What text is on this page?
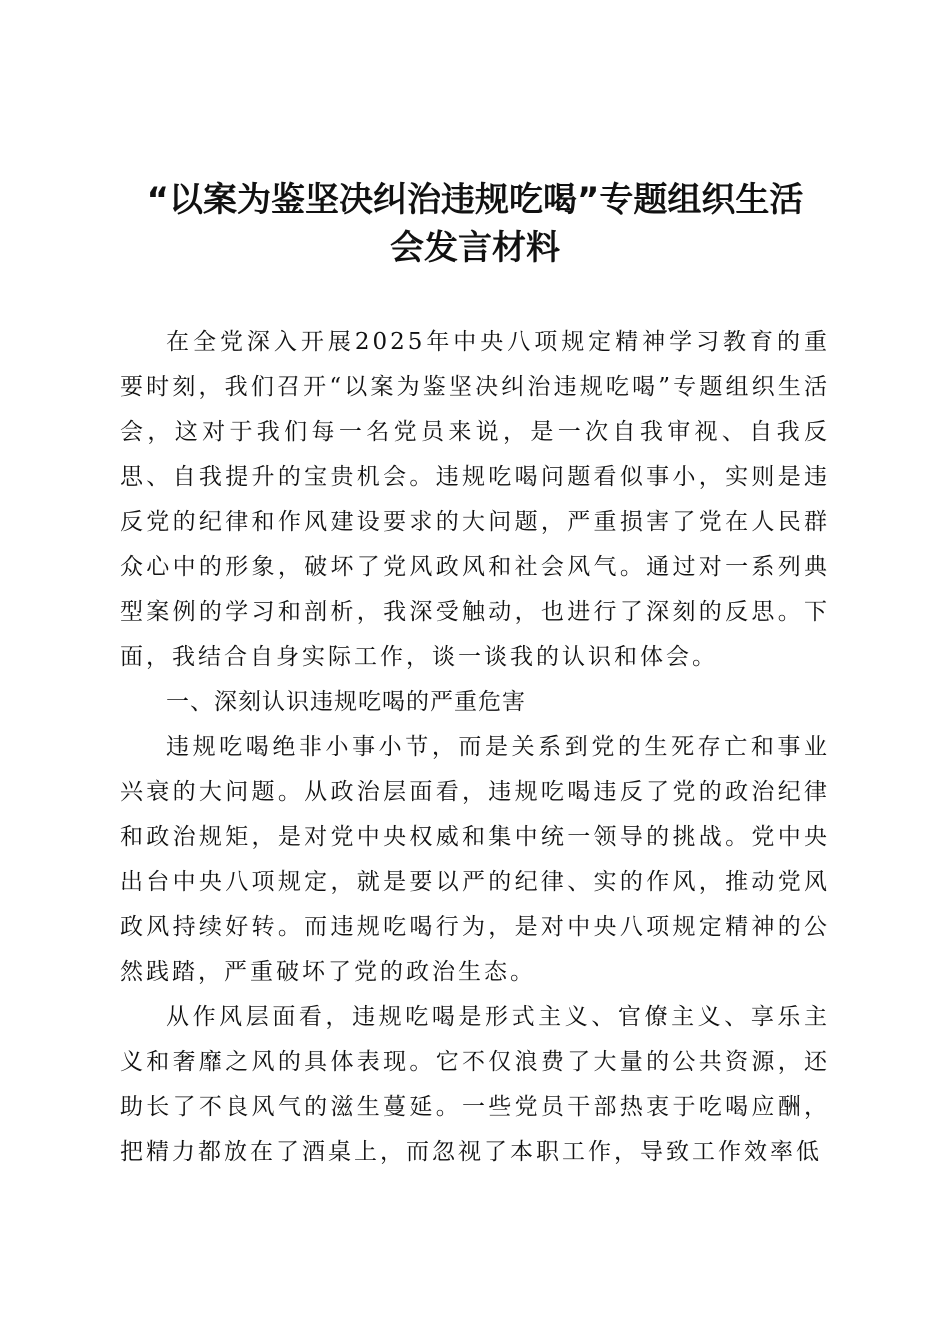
“以案为鉴坚决纠治违规吃喝”专题组织生活
会发言材料

在全党深入开展2025年中央八项规定精神学习教育的重要时刻，我们召开“以案为鉴坚决纠治违规吃喝”专题组织生活会，这对于我们每一名党员来说，是一次自我审视、自我反思、自我提升的宝贵机会。违规吃喝问题看似事小，实则是违反党的纪律和作风建设要求的大问题，严重损害了党在人民群众心中的形象，破坏了党风政风和社会风气。通过对一系列典型案例的学习和剖析，我深受触动，也进行了深刻的反思。下面，我结合自身实际工作，谈一谈我的认识和体会。

一、深刻认识违规吃喝的严重危害

违规吃喝绝非小事小节，而是关系到党的生死存亡和事业兴衰的大问题。从政治层面看，违规吃喝违反了党的政治纪律和政治规矩，是对党中央权威和集中统一领导的挑战。党中央出台中央八项规定，就是要以严的纪律、实的作风，推动党风政风持续好转。而违规吃喝行为，是对中央八项规定精神的公然践踏，严重破坏了党的政治生态。

从作风层面看，违规吃喝是形式主义、官僚主义、享乐主义和奢靡之风的具体表现。它不仅浪费了大量的公共资源，还助长了不良风气的滋生蔓延。一些党员干部热衷于吃喝应酬，把精力都放在了酒桌上，而忽视了本职工作，导致工作效率低
